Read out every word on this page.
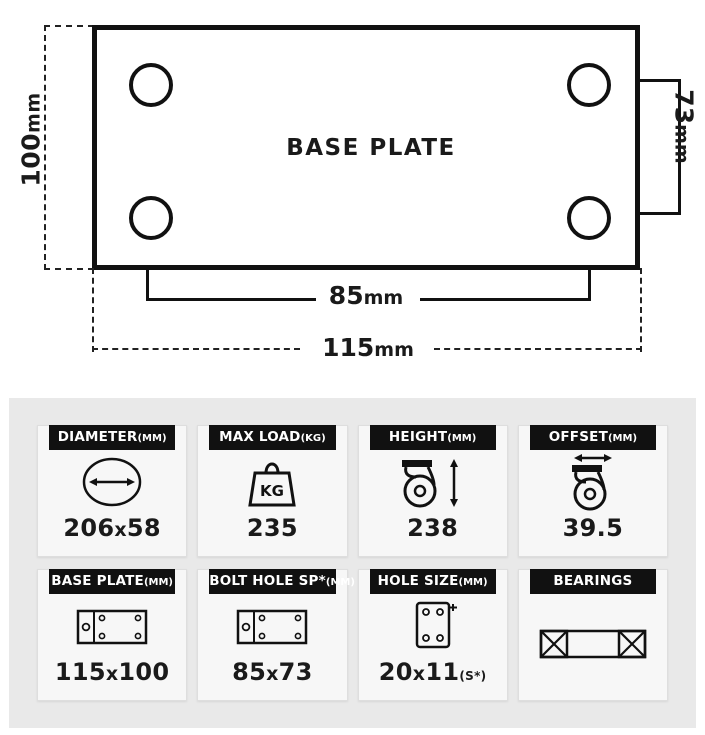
100mm
BASE PLATE
73mm
85mm
115mm
DIAMETER(MM)
206x58
MAX LOAD(KG)
KG
235
HEIGHT(MM)
238
OFFSET(MM)
39.5
BASE PLATE(MM)
115x100
BOLT HOLE SP*(MM)
85x73
HOLE SIZE(MM)
20x11(S*)
BEARINGS
